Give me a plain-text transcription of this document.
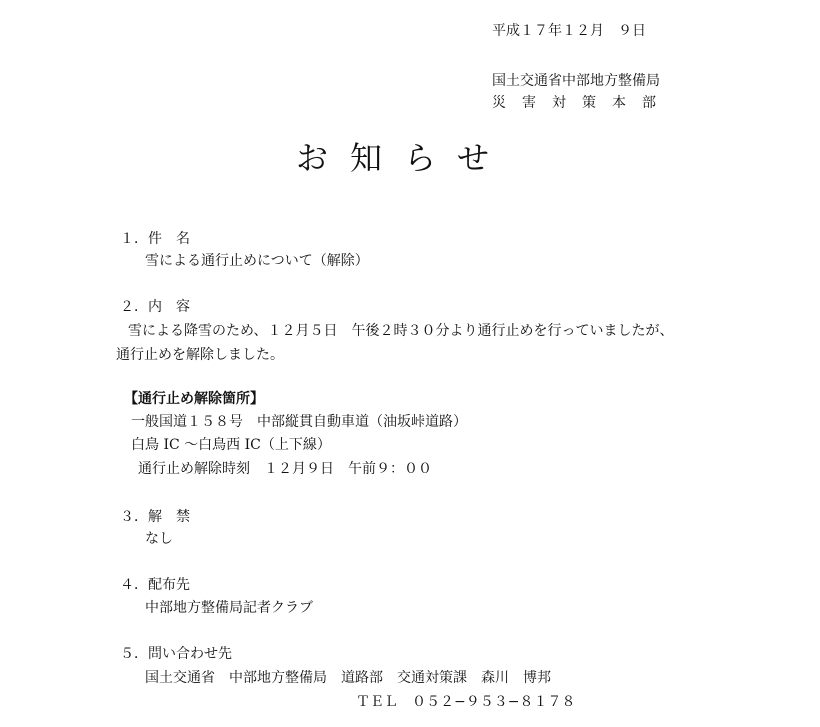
平成１７年１２月　９日
国土交通省中部地方整備局
災　害　対　策　本　部
お知らせ
１．件　名
雪による通行止めについて（解除）
２．内　容
雪による降雪のため、１２月５日　午後２時３０分より通行止めを行っていましたが、
通行止めを解除しました。
【通行止め解除箇所】
一般国道１５８号　中部縦貫自動車道（油坂峠道路）
白鳥 IC 〜白鳥西 IC（上下線）
通行止め解除時刻　１２月９日　午前９：００
３．解　禁
なし
４．配布先
中部地方整備局記者クラブ
５．問い合わせ先
国土交通省　中部地方整備局　道路部　交通対策課　森川　博邦
ＴＥＬ　０５２−９５３−８１７８
